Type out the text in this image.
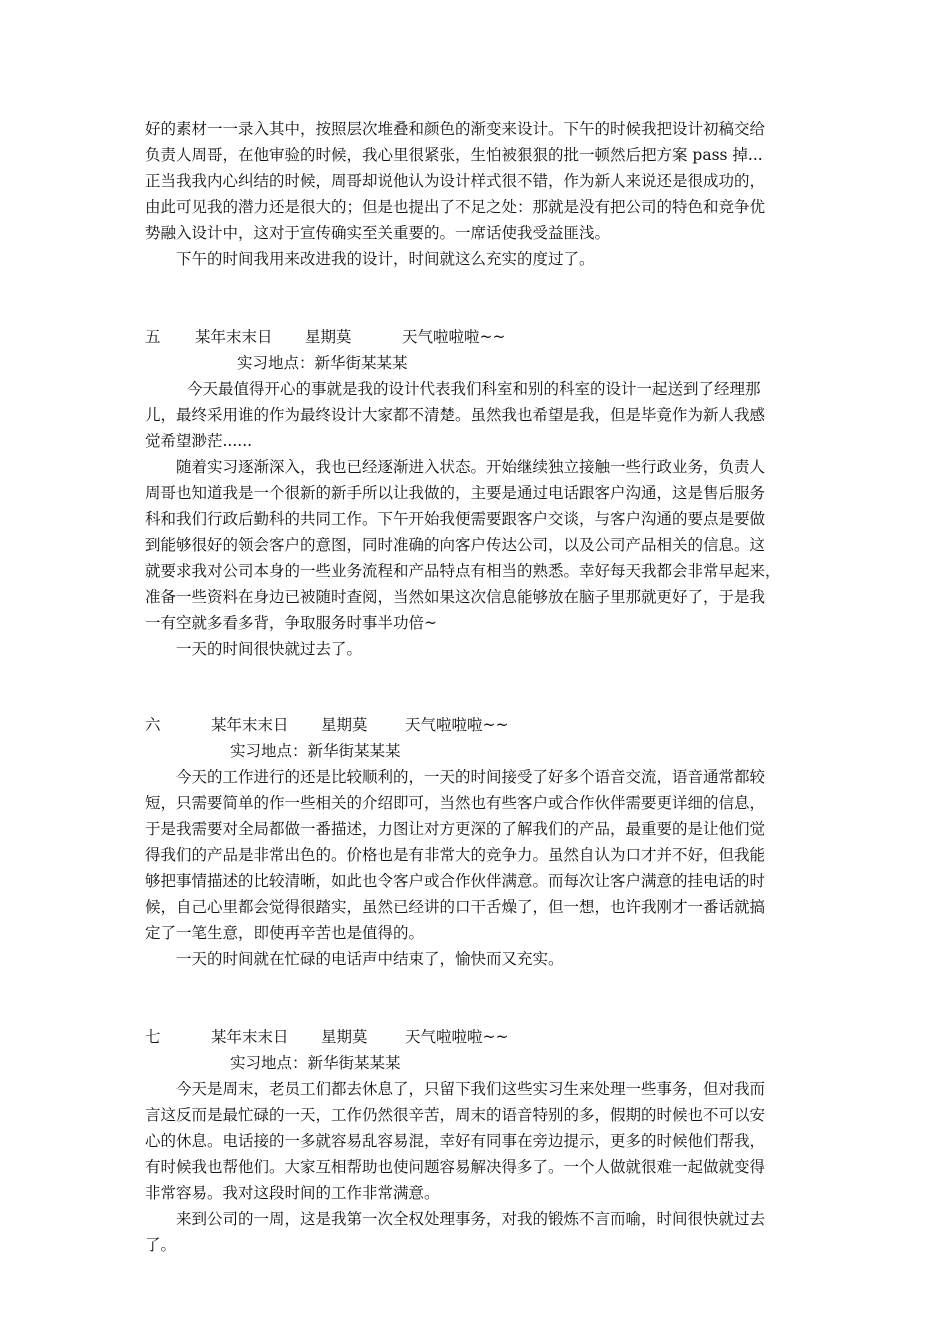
好的素材一一录入其中，按照层次堆叠和颜色的渐变来设计。下午的时候我把设计初稿交给
负责人周哥，在他审验的时候，我心里很紧张，生怕被狠狠的批一顿然后把方案 pass 掉...
正当我我内心纠结的时候，周哥却说他认为设计样式很不错，作为新人来说还是很成功的，
由此可见我的潜力还是很大的；但是也提出了不足之处：那就是没有把公司的特色和竞争优
势融入设计中，这对于宣传确实至关重要的。一席话使我受益匪浅。
下午的时间我用来改进我的设计，时间就这么充实的度过了。
五	某年末末日	星期莫	天气啦啦啦~~
实习地点：新华街某某某
今天最值得开心的事就是我的设计代表我们科室和别的科室的设计一起送到了经理那
儿，最终采用谁的作为最终设计大家都不清楚。虽然我也希望是我，但是毕竟作为新人我感
觉希望渺茫......
随着实习逐渐深入，我也已经逐渐进入状态。开始继续独立接触一些行政业务，负责人
周哥也知道我是一个很新的新手所以让我做的，主要是通过电话跟客户沟通，这是售后服务
科和我们行政后勤科的共同工作。下午开始我便需要跟客户交谈，与客户沟通的要点是要做
到能够很好的领会客户的意图，同时准确的向客户传达公司，以及公司产品相关的信息。这
就要求我对公司本身的一些业务流程和产品特点有相当的熟悉。幸好每天我都会非常早起来，
准备一些资料在身边已被随时查阅，当然如果这次信息能够放在脑子里那就更好了，于是我
一有空就多看多背，争取服务时事半功倍~
一天的时间很快就过去了。
六	某年末末日	星期莫	天气啦啦啦~~
实习地点：新华街某某某
今天的工作进行的还是比较顺利的，一天的时间接受了好多个语音交流，语音通常都较
短，只需要简单的作一些相关的介绍即可，当然也有些客户或合作伙伴需要更详细的信息，
于是我需要对全局都做一番描述，力图让对方更深的了解我们的产品，最重要的是让他们觉
得我们的产品是非常出色的。价格也是有非常大的竞争力。虽然自认为口才并不好，但我能
够把事情描述的比较清晰，如此也令客户或合作伙伴满意。而每次让客户满意的挂电话的时
候，自己心里都会觉得很踏实，虽然已经讲的口干舌燥了，但一想，也许我刚才一番话就搞
定了一笔生意，即使再辛苦也是值得的。
一天的时间就在忙碌的电话声中结束了，愉快而又充实。
七	某年末末日	星期莫	天气啦啦啦~~
实习地点：新华街某某某
今天是周末，老员工们都去休息了，只留下我们这些实习生来处理一些事务，但对我而
言这反而是最忙碌的一天，工作仍然很辛苦，周末的语音特别的多，假期的时候也不可以安
心的休息。电话接的一多就容易乱容易混，幸好有同事在旁边提示，更多的时候他们帮我，
有时候我也帮他们。大家互相帮助也使问题容易解决得多了。一个人做就很难一起做就变得
非常容易。我对这段时间的工作非常满意。
来到公司的一周，这是我第一次全权处理事务，对我的锻炼不言而喻，时间很快就过去
了。
